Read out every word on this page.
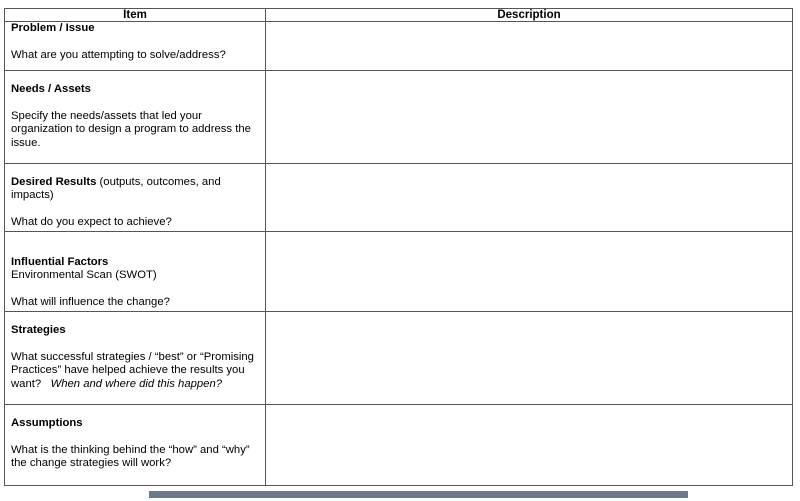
Item	Description

Problem / Issue
What are you attempting to solve/address?	

Needs / Assets
Specify the needs/assets that led your organization to design a program to address the issue.	

Desired Results (outputs, outcomes, and impacts)
What do you expect to achieve?	

Influential Factors
Environmental Scan (SWOT)
What will influence the change?	

Strategies
What successful strategies / “best” or “Promising Practices” have helped achieve the results you want?   When and where did this happen?	

Assumptions
What is the thinking behind the “how” and “why” the change strategies will work?	
